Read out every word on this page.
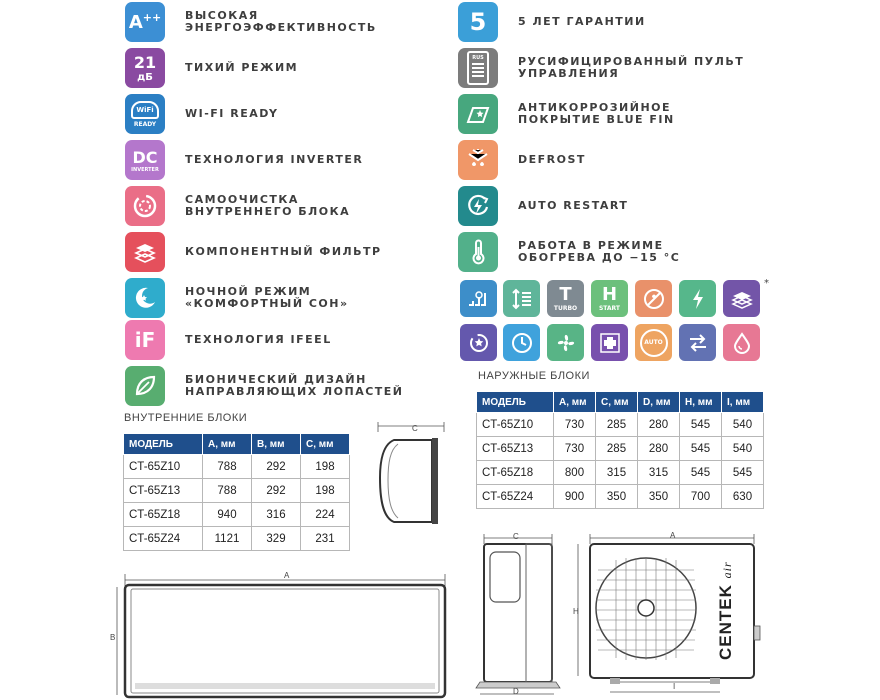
A++ ВЫСОКАЯ ЭНЕРГОЭФФЕКТИВНОСТЬ
21
дБ
ТИХИЙ РЕЖИМ
WiFi
READY
WI-FI READY
DC
INVERTER
ТЕХНОЛОГИЯ INVERTER
САМООЧИСТКА ВНУТРЕННЕГО БЛОКА
КОМПОНЕНТНЫЙ ФИЛЬТР
НОЧНОЙ РЕЖИМ «КОМФОРТНЫЙ СОН»
iF	ТЕХНОЛОГИЯ IFEEL
БИОНИЧЕСКИЙ ДИЗАЙН НАПРАВЛЯЮЩИХ ЛОПАСТЕЙ
5	5 ЛЕТ ГАРАНТИИ
RUS	РУСИФИЦИРОВАННЫЙ ПУЛЬТ УПРАВЛЕНИЯ
АНТИКОРРОЗИЙНОЕ ПОКРЫТИЕ BLUE FIN
DEFROST
AUTO RESTART
РАБОТА В РЕЖИМЕ ОБОГРЕВА ДО −15 °С
T
TURBO
H
START
*
AUTO
НАРУЖНЫЕ БЛОКИ
МОДЕЛЬ	A, мм	C, мм	D, мм	H, мм	I, мм
CT-65Z10	730	285	280	545	540
CT-65Z13	730	285	280	545	540
CT-65Z18	800	315	315	545	545
CT-65Z24	900	350	350	700	630
ВНУТРЕННИЕ БЛОКИ
МОДЕЛЬ	A, мм	B, мм	C, мм
CT-65Z10	788	292	198
CT-65Z13	788	292	198
CT-65Z18	940	316	224
CT-65Z24	1121	329	231
C
A
B
C
D
A
H
I
CENTEK air
